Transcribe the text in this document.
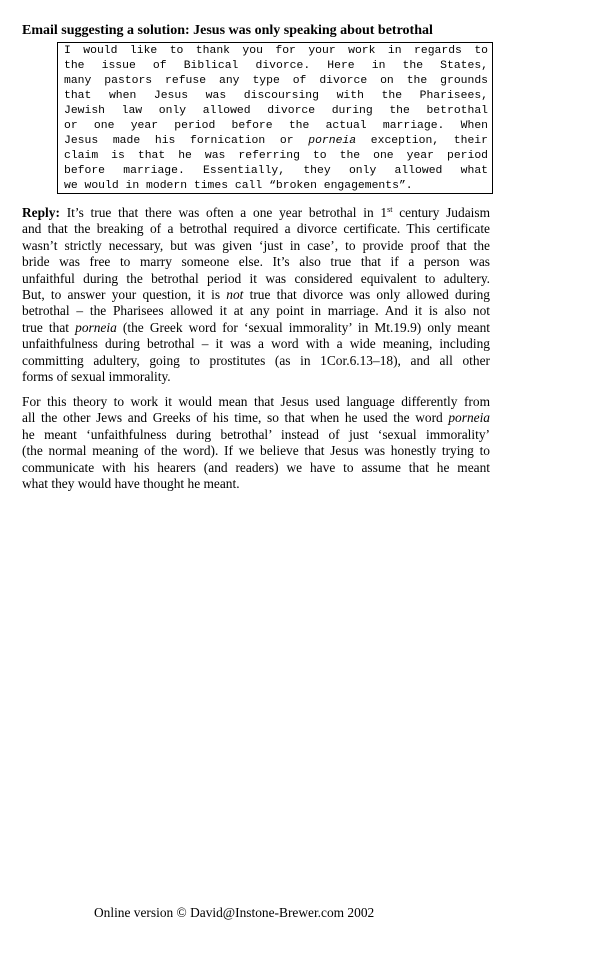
Email suggesting a solution: Jesus was only speaking about betrothal
I would like to thank you for your work in regards to
the issue of Biblical divorce. Here in the States,
many pastors refuse any type of divorce on the grounds
that when Jesus was discoursing with the Pharisees,
Jewish law only allowed divorce during the betrothal
or one year period before the actual marriage. When
Jesus made his fornication or porneia exception, their
claim is that he was referring to the one year period
before marriage. Essentially, they only allowed what
we would in modern times call “broken engagements”.
Reply: It’s true that there was often a one year betrothal in 1st century Judaism
and that the breaking of a betrothal required a divorce certificate. This certificate
wasn’t strictly necessary, but was given ‘just in case’, to provide proof that the
bride was free to marry someone else. It’s also true that if a person was
unfaithful during the betrothal period it was considered equivalent to adultery.
But, to answer your question, it is not true that divorce was only allowed during
betrothal – the Pharisees allowed it at any point in marriage. And it is also not
true that porneia (the Greek word for ‘sexual immorality’ in Mt.19.9) only meant
unfaithfulness during betrothal – it was a word with a wide meaning, including
committing adultery, going to prostitutes (as in 1Cor.6.13–18), and all other
forms of sexual immorality.
For this theory to work it would mean that Jesus used language differently from
all the other Jews and Greeks of his time, so that when he used the word porneia
he meant ‘unfaithfulness during betrothal’ instead of just ‘sexual immorality’
(the normal meaning of the word). If we believe that Jesus was honestly trying to
communicate with his hearers (and readers) we have to assume that he meant
what they would have thought he meant.
Online version © David@Instone-Brewer.com 2002
